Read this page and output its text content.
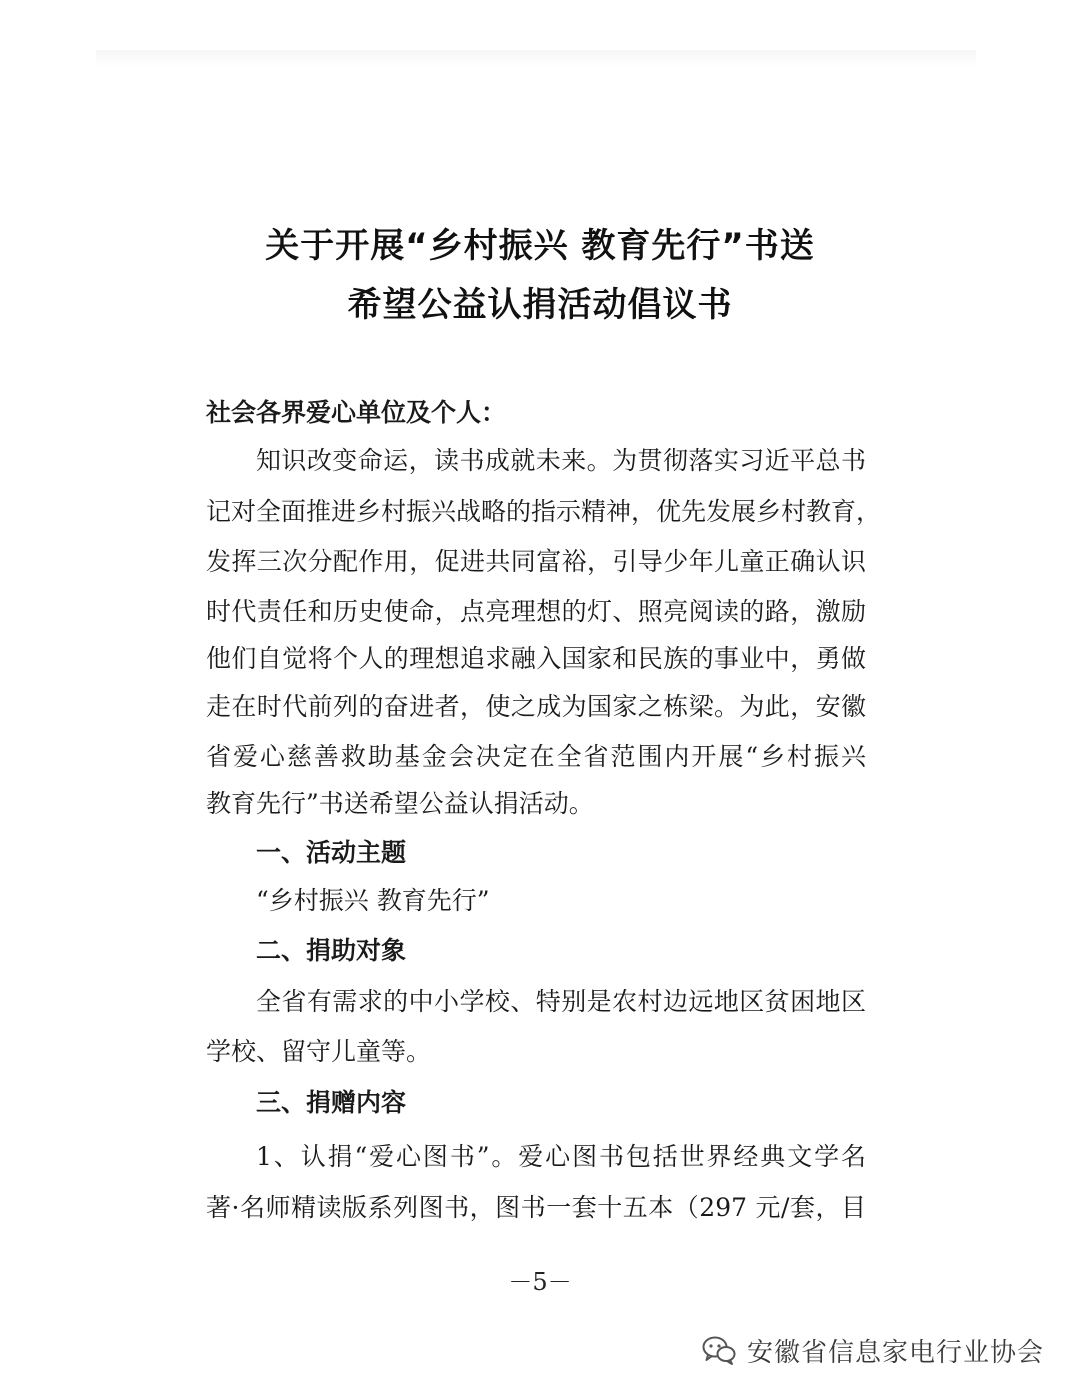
关于开展“乡村振兴 教育先行”书送
希望公益认捐活动倡议书
社会各界爱心单位及个人：
知识改变命运，读书成就未来。为贯彻落实习近平总书
记对全面推进乡村振兴战略的指示精神，优先发展乡村教育，
发挥三次分配作用，促进共同富裕，引导少年儿童正确认识
时代责任和历史使命，点亮理想的灯、照亮阅读的路，激励
他们自觉将个人的理想追求融入国家和民族的事业中，勇做
走在时代前列的奋进者，使之成为国家之栋梁。为此，安徽
省爱心慈善救助基金会决定在全省范围内开展“乡村振兴
教育先行”书送希望公益认捐活动。
一、活动主题
“乡村振兴 教育先行”
二、捐助对象
全省有需求的中小学校、特别是农村边远地区贫困地区
学校、留守儿童等。
三、捐赠内容
1、认捐“爱心图书”。爱心图书包括世界经典文学名
著·名师精读版系列图书，图书一套十五本（297 元/套，目
－5－
安徽省信息家电行业协会
